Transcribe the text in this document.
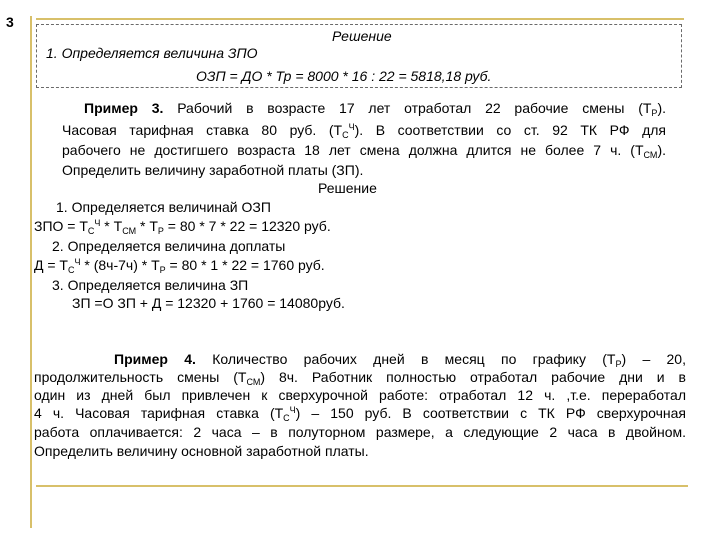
3
Решение
1. Определяется величина ЗПО
ОЗП = ДО * Тр = 8000 * 16 : 22 = 5818,18 руб.
Пример 3. Рабочий в возрасте 17 лет отработал 22 рабочие смены $(Т_Р)$.
Часовая тарифная ставка 80 руб. $(Т_С^Ч)$. В соответствии со ст. 92 ТК РФ для
рабочего не достигшего возраста 18 лет смена должна длится не более 7 ч. $(Т_{СМ})$.
Определить величину заработной платы (ЗП).
Решение
1. Определяется величинай ОЗП
ЗПО = $Т_С^Ч * Т_{СМ} * Т_Р = 80 * 7 * 22 = 12320$ руб.
2. Определяется величина доплаты
$Д = Т_С^Ч * (8ч-7ч) * Т_Р = 80 * 1 * 22 = 1760$ руб.
3. Определяется величина ЗП
ЗП =О ЗП + Д = 12320 + 1760 = 14080руб.
Пример 4. Количество рабочих дней в месяц по графику $(Т_Р) - 20$,
продолжительность смены $(Т_{СМ})$ 8ч. Работник полностью отработал рабочие дни и в
один из дней был привлечен к сверхурочной работе: отработал 12 ч. ,т.е. переработал
4 ч. Часовая тарифная ставка $(Т_С^Ч) - 150$ руб. В соответствии с ТК РФ сверхурочная
работа оплачивается: 2 часа – в полуторном размере, а следующие 2 часа в двойном.
Определить величину основной заработной платы.
